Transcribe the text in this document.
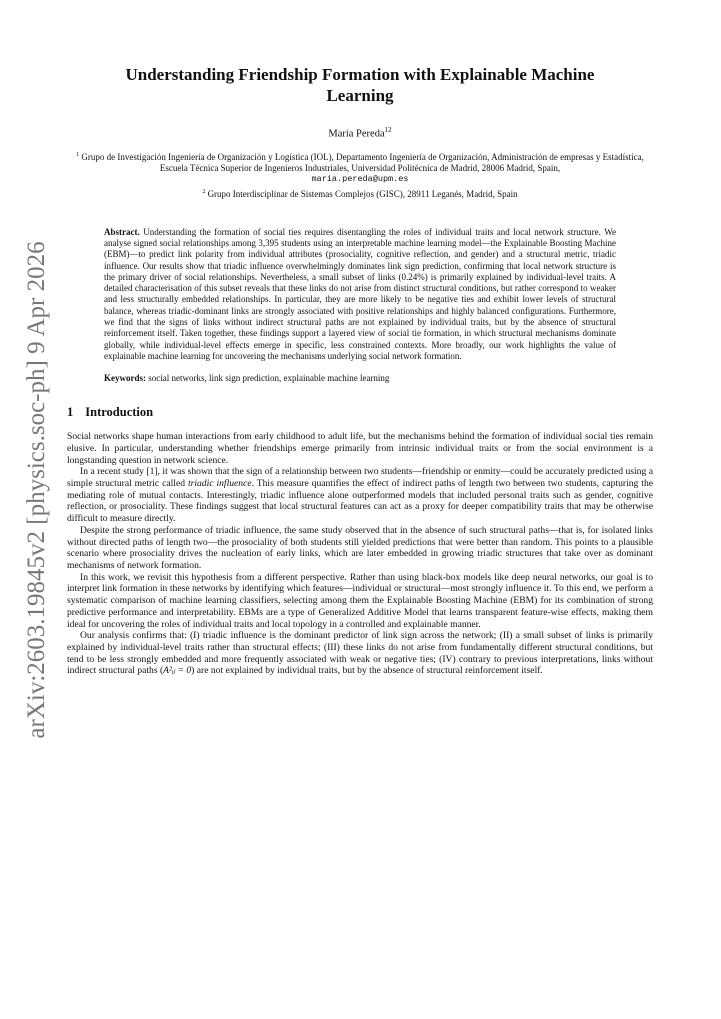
arXiv:2603.19845v2 [physics.soc-ph] 9 Apr 2026
Understanding Friendship Formation with Explainable Machine Learning
María Pereda$^{12}$
$^1$ Grupo de Investigación Ingeniería de Organización y Logística (IOL), Departamento Ingeniería de Organización, Administración de empresas y Estadística, Escuela Técnica Superior de Ingenieros Industriales, Universidad Politécnica de Madrid, 28006 Madrid, Spain,
maria.pereda@upm.es
$^2$ Grupo Interdisciplinar de Sistemas Complejos (GISC), 28911 Leganés, Madrid, Spain
Abstract. Understanding the formation of social ties requires disentangling the roles of individual traits and local network structure. We analyse signed social relationships among 3,395 students using an interpretable machine learning model—the Explainable Boosting Machine (EBM)—to predict link polarity from individual attributes (prosociality, cognitive reflection, and gender) and a structural metric, triadic influence. Our results show that triadic influence overwhelmingly dominates link sign prediction, confirming that local network structure is the primary driver of social relationships. Nevertheless, a small subset of links (0.24%) is primarily explained by individual-level traits. A detailed characterisation of this subset reveals that these links do not arise from distinct structural conditions, but rather correspond to weaker and less structurally embedded relationships. In particular, they are more likely to be negative ties and exhibit lower levels of structural balance, whereas triadic-dominant links are strongly associated with positive relationships and highly balanced configurations. Furthermore, we find that the signs of links without indirect structural paths are not explained by individual traits, but by the absence of structural reinforcement itself. Taken together, these findings support a layered view of social tie formation, in which structural mechanisms dominate globally, while individual-level effects emerge in specific, less constrained contexts. More broadly, our work highlights the value of explainable machine learning for uncovering the mechanisms underlying social network formation.
Keywords: social networks, link sign prediction, explainable machine learning
1 Introduction

Social networks shape human interactions from early childhood to adult life, but the mechanisms behind the formation of individual social ties remain elusive. In particular, understanding whether friendships emerge primarily from intrinsic individual traits or from the social environment is a longstanding question in network science.

In a recent study [1], it was shown that the sign of a relationship between two students—friendship or enmity—could be accurately predicted using a simple structural metric called triadic influence. This measure quantifies the effect of indirect paths of length two between two students, capturing the mediating role of mutual contacts. Interestingly, triadic influence alone outperformed models that included personal traits such as gender, cognitive reflection, or prosociality. These findings suggest that local structural features can act as a proxy for deeper compatibility traits that may be otherwise difficult to measure directly.

Despite the strong performance of triadic influence, the same study observed that in the absence of such structural paths—that is, for isolated links without directed paths of length two—the prosociality of both students still yielded predictions that were better than random. This points to a plausible scenario where prosociality drives the nucleation of early links, which are later embedded in growing triadic structures that take over as dominant mechanisms of network formation.

In this work, we revisit this hypothesis from a different perspective. Rather than using black-box models like deep neural networks, our goal is to interpret link formation in these networks by identifying which features—individual or structural—most strongly influence it. To this end, we perform a systematic comparison of machine learning classifiers, selecting among them the Explainable Boosting Machine (EBM) for its combination of strong predictive performance and interpretability. EBMs are a type of Generalized Additive Model that learns transparent feature-wise effects, making them ideal for uncovering the roles of individual traits and local topology in a controlled and explainable manner.

Our analysis confirms that: (I) triadic influence is the dominant predictor of link sign across the network; (II) a small subset of links is primarily explained by individual-level traits rather than structural effects; (III) these links do not arise from fundamentally different structural conditions, but tend to be less strongly embedded and more frequently associated with weak or negative ties; (IV) contrary to previous interpretations, links without indirect structural paths (A²ᵢⱼ = 0) are not explained by individual traits, but by the absence of structural reinforcement itself.
